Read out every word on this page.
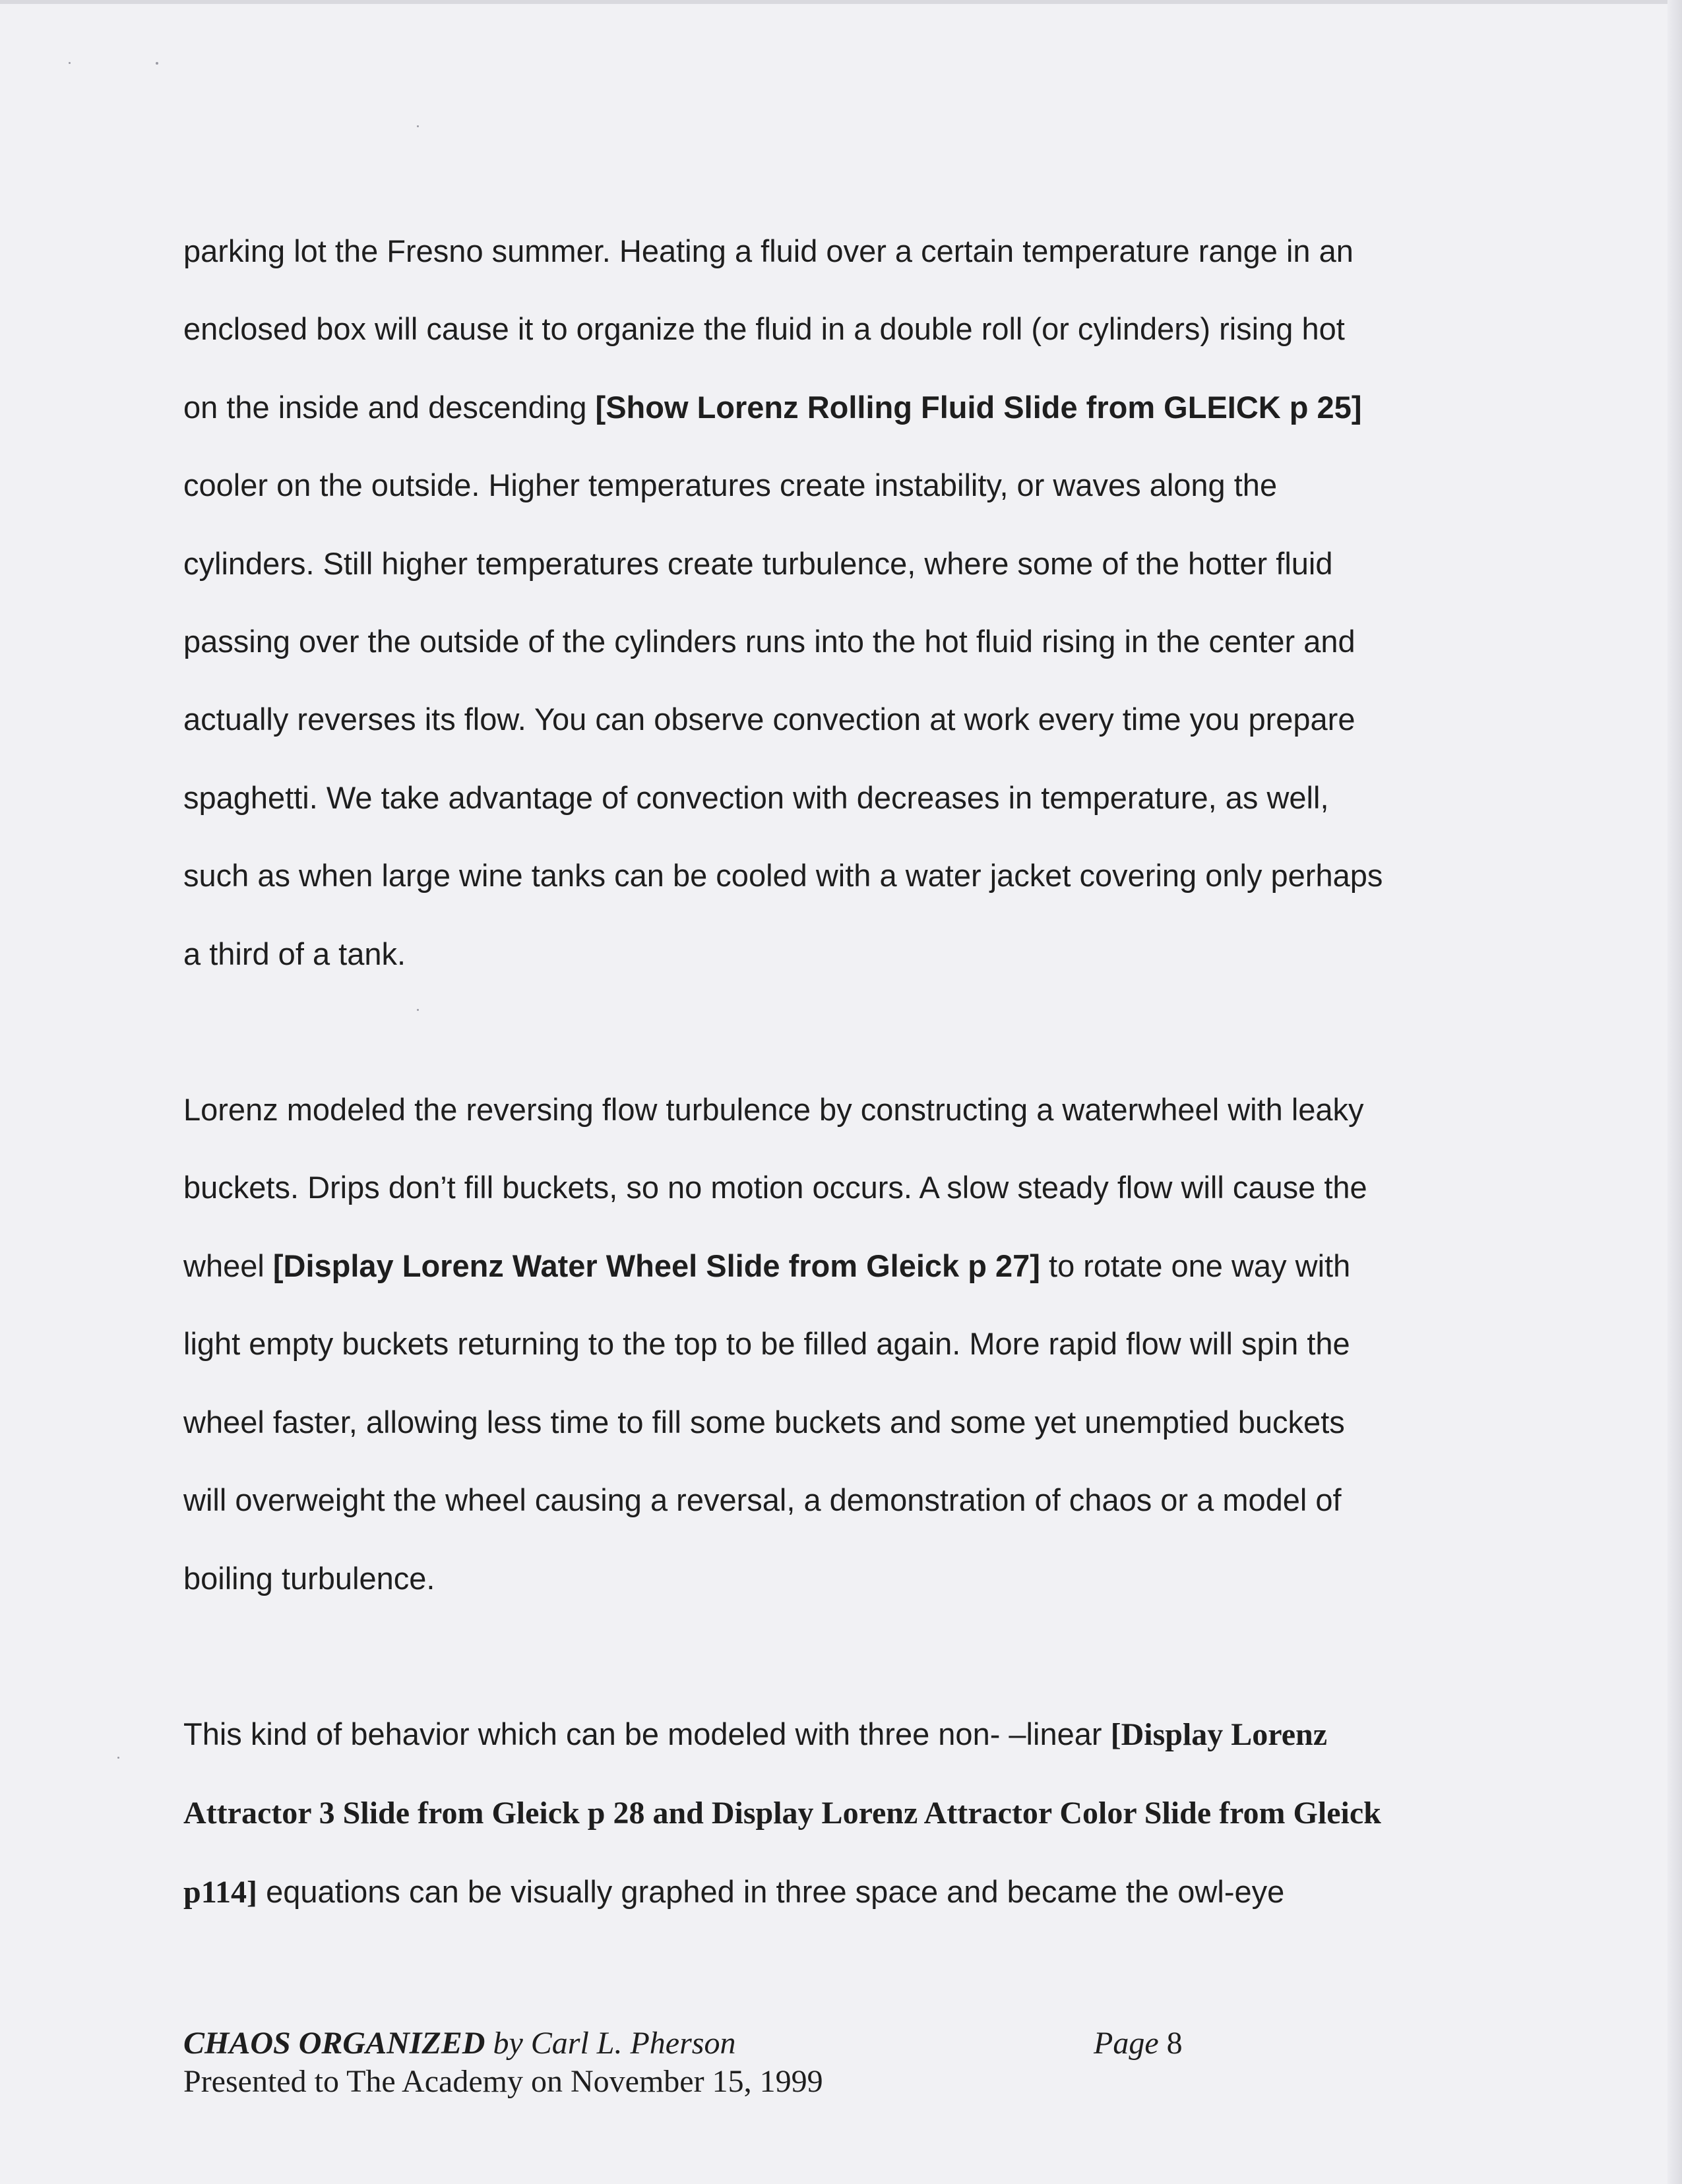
parking lot the Fresno summer. Heating a fluid over a certain temperature range in an
enclosed box will cause it to organize the fluid in a double roll (or cylinders) rising hot
on the inside and descending [Show Lorenz Rolling Fluid Slide from GLEICK p 25]
cooler on the outside. Higher temperatures create instability, or waves along the
cylinders. Still higher temperatures create turbulence, where some of the hotter fluid
passing over the outside of the cylinders runs into the hot fluid rising in the center and
actually reverses its flow. You can observe convection at work every time you prepare
spaghetti. We take advantage of convection with decreases in temperature, as well,
such as when large wine tanks can be cooled with a water jacket covering only perhaps
a third of a tank.

Lorenz modeled the reversing flow turbulence by constructing a waterwheel with leaky
buckets. Drips don’t fill buckets, so no motion occurs. A slow steady flow will cause the
wheel [Display Lorenz Water Wheel Slide from Gleick p 27] to rotate one way with
light empty buckets returning to the top to be filled again. More rapid flow will spin the
wheel faster, allowing less time to fill some buckets and some yet unemptied buckets
will overweight the wheel causing a reversal, a demonstration of chaos or a model of
boiling turbulence.

This kind of behavior which can be modeled with three non- –linear [Display Lorenz
Attractor 3 Slide from Gleick p 28 and Display Lorenz Attractor Color Slide from Gleick
p114] equations can be visually graphed in three space and became the owl-eye

CHAOS ORGANIZED by Carl L. Pherson	Page 8
Presented to The Academy on November 15, 1999
